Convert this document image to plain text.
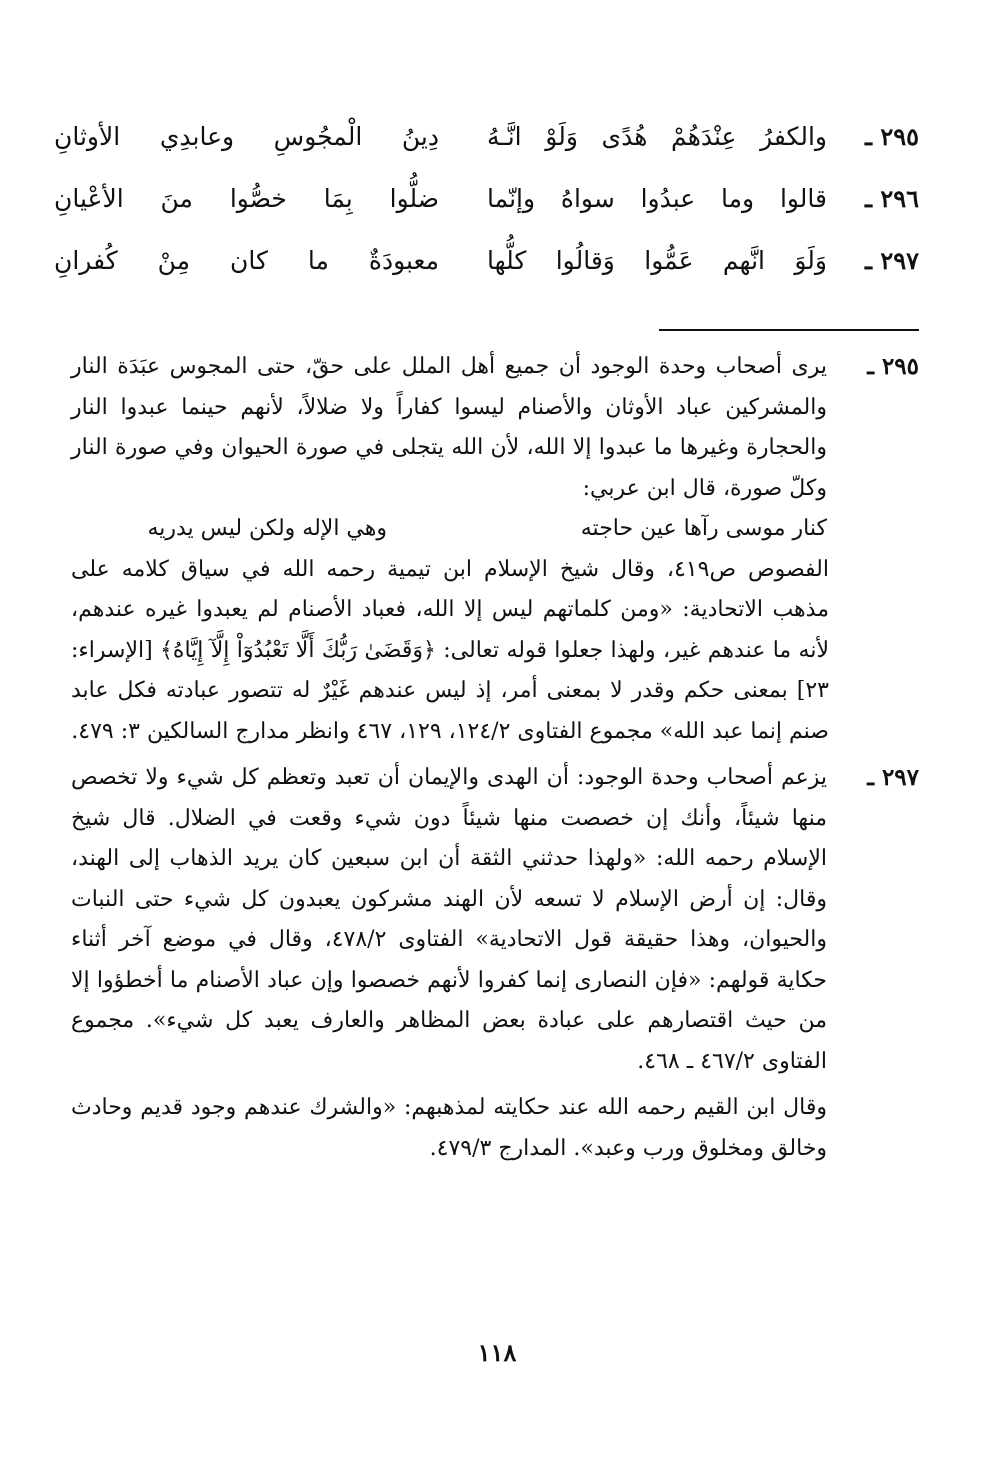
٢٩٥ ـ
والكفرُ عِنْدَهُمْ هُدًى وَلَوْ انَّـهُ
دِينُ الْمجُوسِ وعابدِي الأوثانِ
٢٩٦ ـ
قالوا وما عبدُوا سواهُ وإنّما
ضلُّوا بِمَا خصُّوا منَ الأعْيانِ
٢٩٧ ـ
وَلَوَ انَّهم عَمُّوا وَقالُوا كلُّها
معبودَةٌ ما كان مِنْ كُفرانِ
٢٩٥ ـ

يرى أصحاب وحدة الوجود أن جميع أهل الملل على حقّ، حتى المجوس عبَدَة النار والمشركين عباد الأوثان والأصنام ليسوا كفاراً ولا ضلالاً، لأنهم حينما عبدوا النار والحجارة وغيرها ما عبدوا إلا الله، لأن الله يتجلى في صورة الحيوان وفي صورة النار وكلّ صورة، قال ابن عربي:

كنار موسى رآها عين حاجتهوهي الإله ولكن ليس يدريه

الفصوص ص٤١٩، وقال شيخ الإسلام ابن تيمية رحمه الله في سياق كلامه على مذهب الاتحادية: «ومن كلماتهم ليس إلا الله، فعباد الأصنام لم يعبدوا غيره عندهم، لأنه ما عندهم غير، ولهذا جعلوا قوله تعالى: ﴿وَقَضَىٰ رَبُّكَ أَلَّا تَعْبُدُوٓاْ إِلَّآ إِيَّاهُ﴾ [الإسراء: ٢٣] بمعنى حكم وقدر لا بمعنى أمر، إذ ليس عندهم غَيْرٌ له تتصور عبادته فكل عابد صنم إنما عبد الله» مجموع الفتاوى ١٢٤/٢، ١٢٩، ٤٦٧ وانظر مدارج السالكين ٣: ٤٧٩.

٢٩٧ ـ

يزعم أصحاب وحدة الوجود: أن الهدى والإيمان أن تعبد وتعظم كل شيء ولا تخصص منها شيئاً، وأنك إن خصصت منها شيئاً دون شيء وقعت في الضلال. قال شيخ الإسلام رحمه الله: «ولهذا حدثني الثقة أن ابن سبعين كان يريد الذهاب إلى الهند، وقال: إن أرض الإسلام لا تسعه لأن الهند مشركون يعبدون كل شيء حتى النبات والحيوان، وهذا حقيقة قول الاتحادية» الفتاوى ٤٧٨/٢، وقال في موضع آخر أثناء حكاية قولهم: «فإن النصارى إنما كفروا لأنهم خصصوا وإن عباد الأصنام ما أخطؤوا إلا من حيث اقتصارهم على عبادة بعض المظاهر والعارف يعبد كل شيء». مجموع الفتاوى ٤٦٧/٢ ـ ٤٦٨.

وقال ابن القيم رحمه الله عند حكايته لمذهبهم: «والشرك عندهم وجود قديم وحادث وخالق ومخلوق ورب وعبد». المدارج ٤٧٩/٣.

١١٨
